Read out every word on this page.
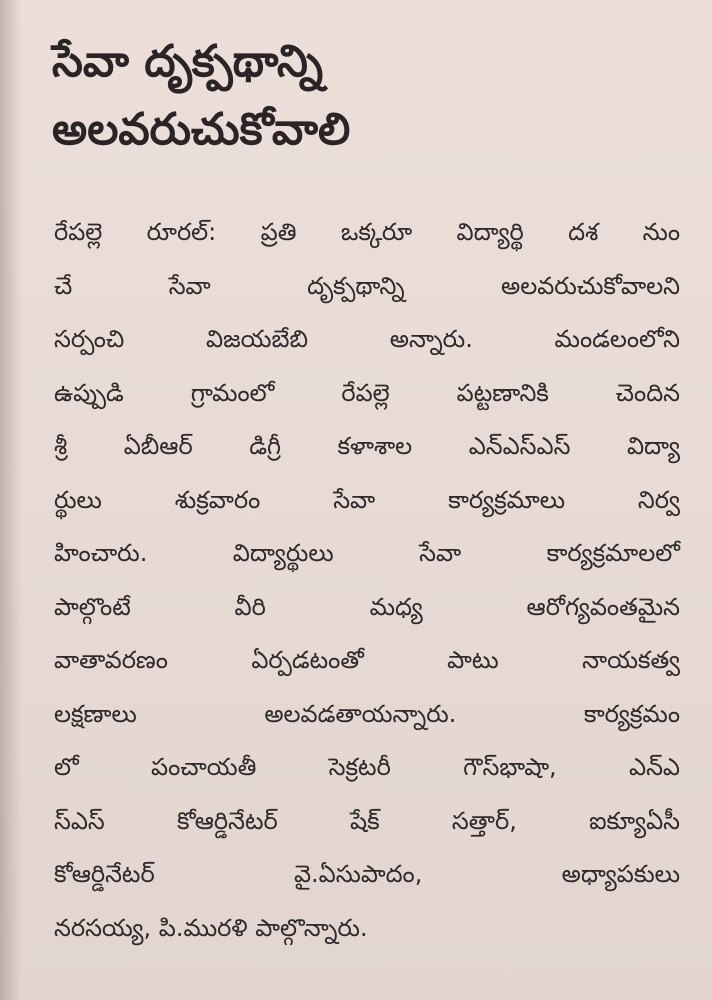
సేవా దృక్పథాన్ని
అలవరుచుకోవాలి
రేపల్లె రూరల్: ప్రతి ఒక్కరూ విద్యార్థి దశ నుం
చే సేవా దృక్పథాన్ని అలవరుచుకోవాలని
సర్పంచి విజయబేబి అన్నారు. మండలంలోని
ఉప్పుడి గ్రామంలో రేపల్లె పట్టణానికి చెందిన
శ్రీ ఏబీఆర్ డిగ్రీ కళాశాల ఎన్ఎస్ఎస్ విద్యా
ర్థులు శుక్రవారం సేవా కార్యక్రమాలు నిర్వ
హించారు. విద్యార్థులు సేవా కార్యక్రమాలలో
పాల్గొంటే వీరి మధ్య ఆరోగ్యవంతమైన
వాతావరణం ఏర్పడటంతో పాటు నాయకత్వ
లక్షణాలు అలవడతాయన్నారు. కార్యక్రమం
లో పంచాయతీ సెక్రటరీ గౌస్‌భాషా, ఎన్ఎ
స్ఎస్ కోఆర్డినేటర్ షేక్ సత్తార్, ఐక్యూఏసీ
కోఆర్డినేటర్ వై.ఏసుపాదం, అధ్యాపకులు
నరసయ్య, పి.మురళి పాల్గొన్నారు.
